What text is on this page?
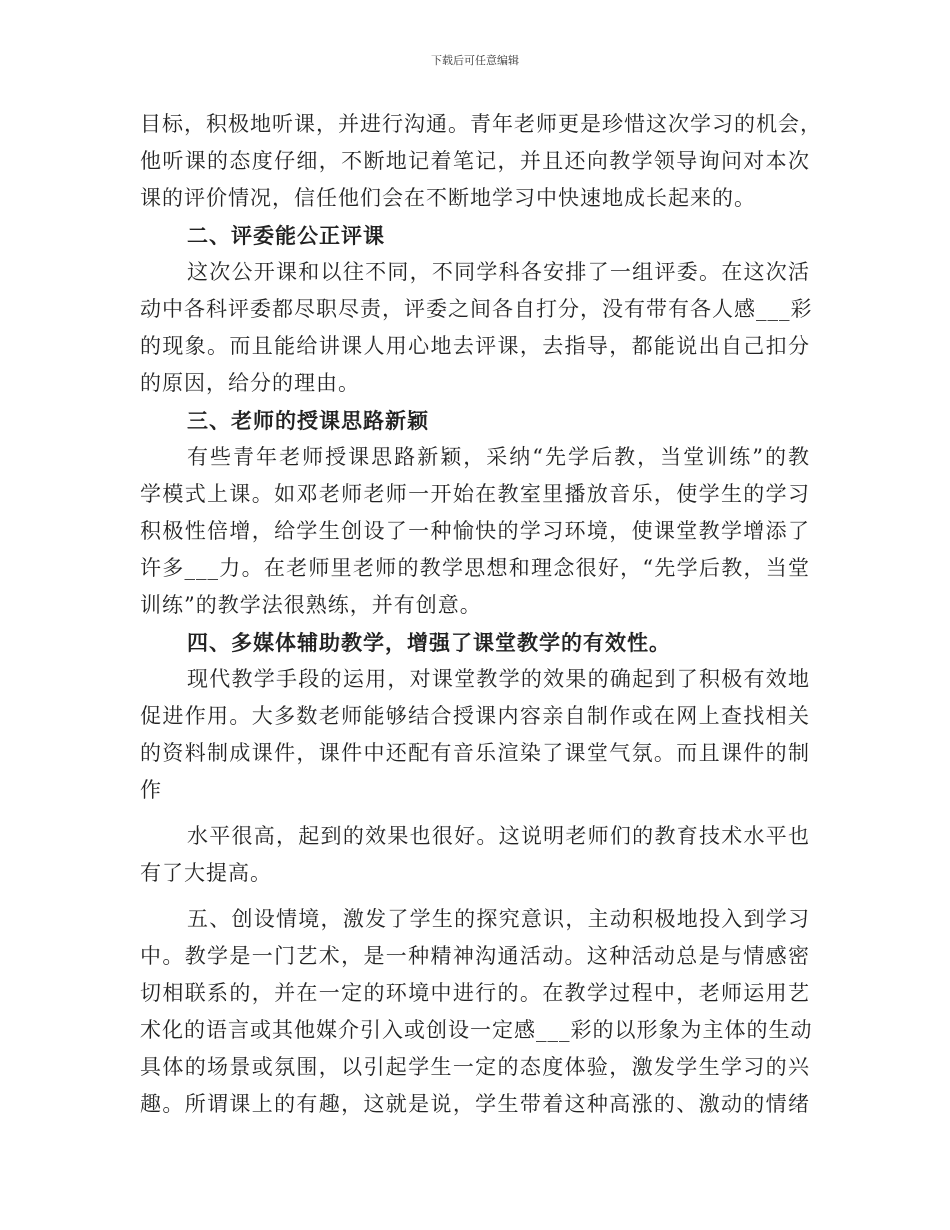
下载后可任意编辑
目标，积极地听课，并进行沟通。青年老师更是珍惜这次学习的机会，
他听课的态度仔细，不断地记着笔记，并且还向教学领导询问对本次
课的评价情况，信任他们会在不断地学习中快速地成长起来的。
二、评委能公正评课
这次公开课和以往不同，不同学科各安排了一组评委。在这次活
动中各科评委都尽职尽责，评委之间各自打分，没有带有各人感___彩
的现象。而且能给讲课人用心地去评课，去指导，都能说出自己扣分
的原因，给分的理由。
三、老师的授课思路新颖
有些青年老师授课思路新颖，采纳“先学后教，当堂训练”的教
学模式上课。如邓老师老师一开始在教室里播放音乐，使学生的学习
积极性倍增，给学生创设了一种愉快的学习环境，使课堂教学增添了
许多___力。在老师里老师的教学思想和理念很好，“先学后教，当堂
训练”的教学法很熟练，并有创意。
四、多媒体辅助教学，增强了课堂教学的有效性。
现代教学手段的运用，对课堂教学的效果的确起到了积极有效地
促进作用。大多数老师能够结合授课内容亲自制作或在网上查找相关
的资料制成课件，课件中还配有音乐渲染了课堂气氛。而且课件的制
作
水平很高，起到的效果也很好。这说明老师们的教育技术水平也
有了大提高。
五、创设情境，激发了学生的探究意识，主动积极地投入到学习
中。教学是一门艺术，是一种精神沟通活动。这种活动总是与情感密
切相联系的，并在一定的环境中进行的。在教学过程中，老师运用艺
术化的语言或其他媒介引入或创设一定感___彩的以形象为主体的生动
具体的场景或氛围，以引起学生一定的态度体验，激发学生学习的兴
趣。所谓课上的有趣，这就是说，学生带着这种高涨的、激动的情绪
